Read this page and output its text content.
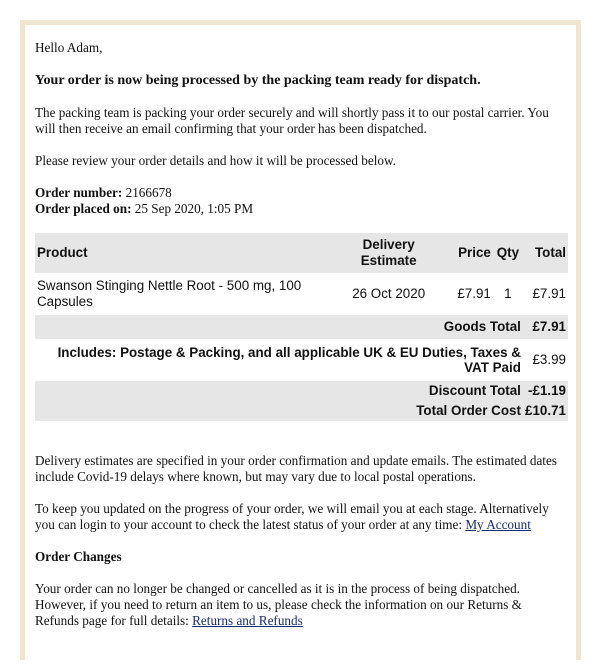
Hello Adam,

Your order is now being processed by the packing team ready for dispatch.

The packing team is packing your order securely and will shortly pass it to our postal carrier. You will then receive an email confirming that your order has been dispatched.

Please review your order details and how it will be processed below.

Order number: 2166678
Order placed on: 25 Sep 2020, 1:05 PM
Product	Delivery Estimate	Price	Qty	Total
Swanson Stinging Nettle Root - 500 mg, 100 Capsules	26 Oct 2020	£7.91	1	£7.91
Goods Total				£7.91
Includes: Postage & Packing, and all applicable UK & EU Duties, Taxes & VAT Paid				£3.99
Discount Total				-£1.19
Total Order Cost				£10.71

Delivery estimates are specified in your order confirmation and update emails. The estimated dates include Covid-19 delays where known, but may vary due to local postal operations.

To keep you updated on the progress of your order, we will email you at each stage. Alternatively you can login to your account to check the latest status of your order at any time: My Account

Order Changes

Your order can no longer be changed or cancelled as it is in the process of being dispatched. However, if you need to return an item to us, please check the information on our Returns & Refunds page for full details: Returns and Refunds
